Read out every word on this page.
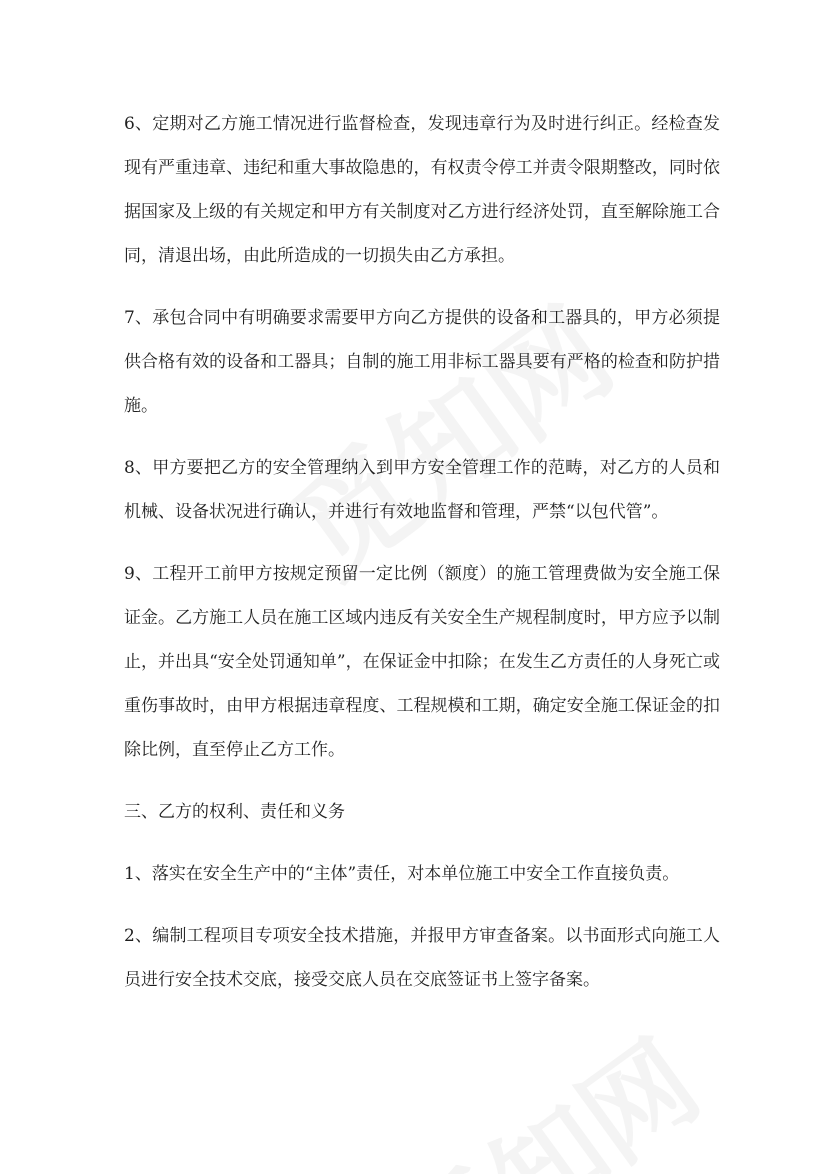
6、定期对乙方施工情况进行监督检查，发现违章行为及时进行纠正。经检查发现有严重违章、违纪和重大事故隐患的，有权责令停工并责令限期整改，同时依据国家及上级的有关规定和甲方有关制度对乙方进行经济处罚，直至解除施工合同，清退出场，由此所造成的一切损失由乙方承担。

7、承包合同中有明确要求需要甲方向乙方提供的设备和工器具的，甲方必须提供合格有效的设备和工器具；自制的施工用非标工器具要有严格的检查和防护措施。

8、甲方要把乙方的安全管理纳入到甲方安全管理工作的范畴，对乙方的人员和机械、设备状况进行确认，并进行有效地监督和管理，严禁“以包代管”。

9、工程开工前甲方按规定预留一定比例（额度）的施工管理费做为安全施工保证金。乙方施工人员在施工区域内违反有关安全生产规程制度时，甲方应予以制止，并出具“安全处罚通知单”，在保证金中扣除；在发生乙方责任的人身死亡或重伤事故时，由甲方根据违章程度、工程规模和工期，确定安全施工保证金的扣除比例，直至停止乙方工作。

三、乙方的权利、责任和义务

1、落实在安全生产中的“主体”责任，对本单位施工中安全工作直接负责。

2、编制工程项目专项安全技术措施，并报甲方审查备案。以书面形式向施工人员进行安全技术交底，接受交底人员在交底签证书上签字备案。
